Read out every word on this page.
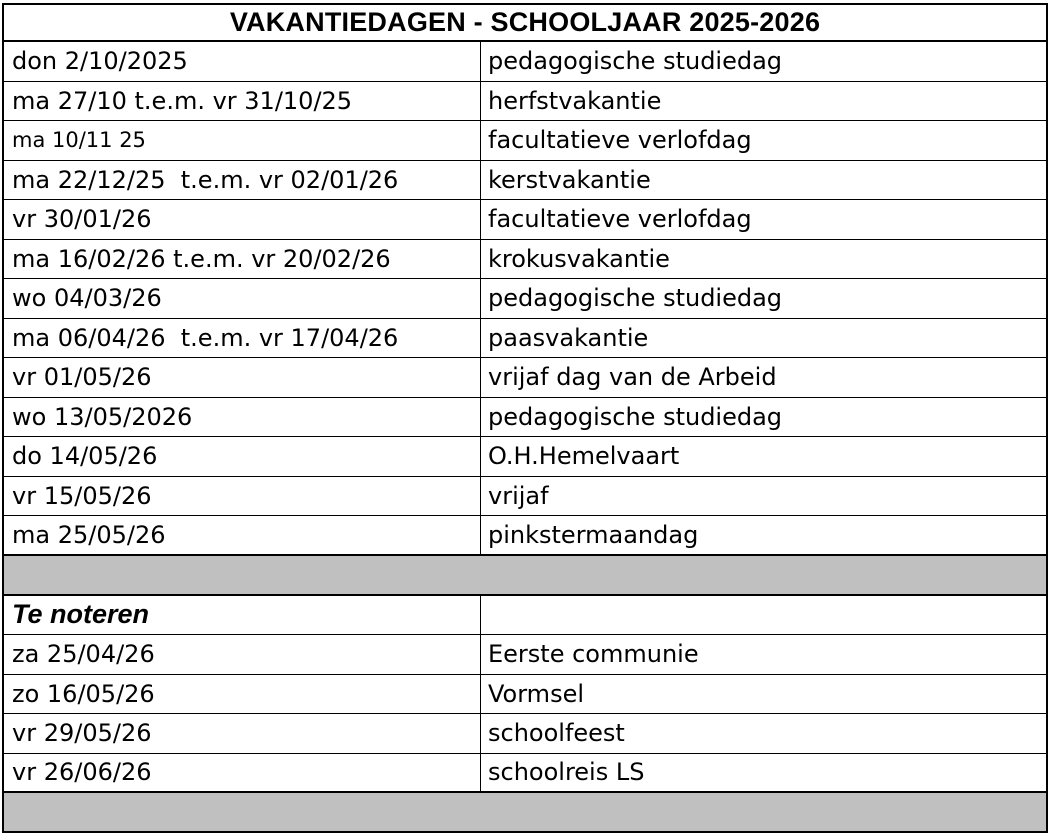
VAKANTIEDAGEN - SCHOOLJAAR 2025-2026
don 2/10/2025	pedagogische studiedag
ma 27/10 t.e.m. vr 31/10/25	herfstvakantie
ma 10/11 25	facultatieve verlofdag
ma 22/12/25  t.e.m. vr 02/01/26	kerstvakantie
vr 30/01/26	facultatieve verlofdag
ma 16/02/26 t.e.m. vr 20/02/26	krokusvakantie
wo 04/03/26	pedagogische studiedag
ma 06/04/26  t.e.m. vr 17/04/26	paasvakantie
vr 01/05/26	vrijaf dag van de Arbeid
wo 13/05/2026	pedagogische studiedag
do 14/05/26	O.H.Hemelvaart
vr 15/05/26	vrijaf
ma 25/05/26	pinkstermaandag
Te noteren
za 25/04/26	Eerste communie
zo 16/05/26	Vormsel
vr 29/05/26	schoolfeest
vr 26/06/26	schoolreis LS
